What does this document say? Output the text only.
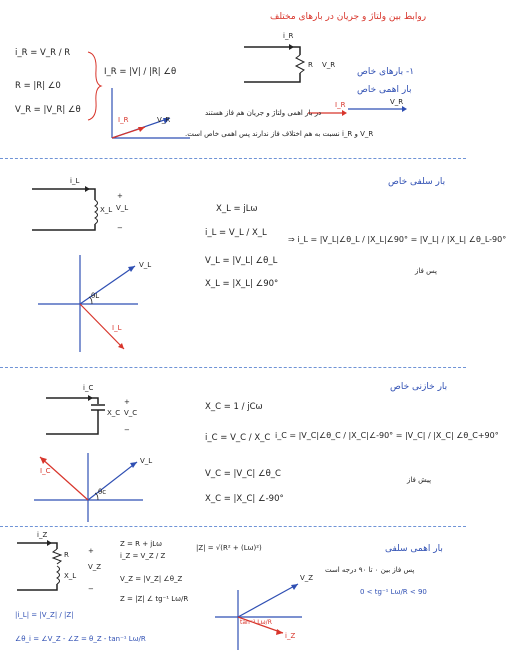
روابط بین ولتاژ و جریان در بارهای مختلف
i_R = V_R / R
R = |R| ∠0
V_R = |V_R| ∠θ
I_R = |V| / |R| ∠θ
i_R
R V_R
I_R	V_R
۱- بارهای خاص
بار اهمی خاص
I_R	V_R
در بار اهمی ولتاژ و جریان هم فاز هستند
V_R و i_R نسبت به هم اختلاف فاز ندارند پس اهمی خاص است.
بار سلفی خاص
i_L
X_L V_L
+
−
X_L = jLω
i_L = V_L / X_L
V_L = |V_L| ∠θ_L
X_L = |X_L| ∠90°
⇒ i_L = |V_L|∠θ_L / |X_L|∠90° = |V_L| / |X_L| ∠θ_L-90°
پس فاز
V_L
I_L
θL
بار خازنی خاص
i_C
X_C V_C
+
−
X_C = 1 / jCω
i_C = V_C / X_C
V_C = |V_C| ∠θ_C
X_C = |X_C| ∠-90°
i_C = |V_C|∠θ_C / |X_C|∠-90° = |V_C| / |X_C| ∠θ_C+90°
پیش فاز
V_L
I_C
θc
بار اهمی سلفی
i_Z
R
X_L
V_Z
+
−
Z = R + jLω
i_Z = V_Z / Z
V_Z = |V_Z| ∠θ_Z
Z = |Z| ∠ tg⁻¹ Lω/R
|Z| = √(R² + (Lω)²)
|i_L| = |V_Z| / |Z|
∠θ_i = ∠V_Z - ∠Z = θ_Z - tan⁻¹ Lω/R
پس فاز بین ۰ تا ۹۰ درجه است
0 < tg⁻¹ Lω/R < 90
V_Z
i_Z
tan⁻¹ Lω/R
